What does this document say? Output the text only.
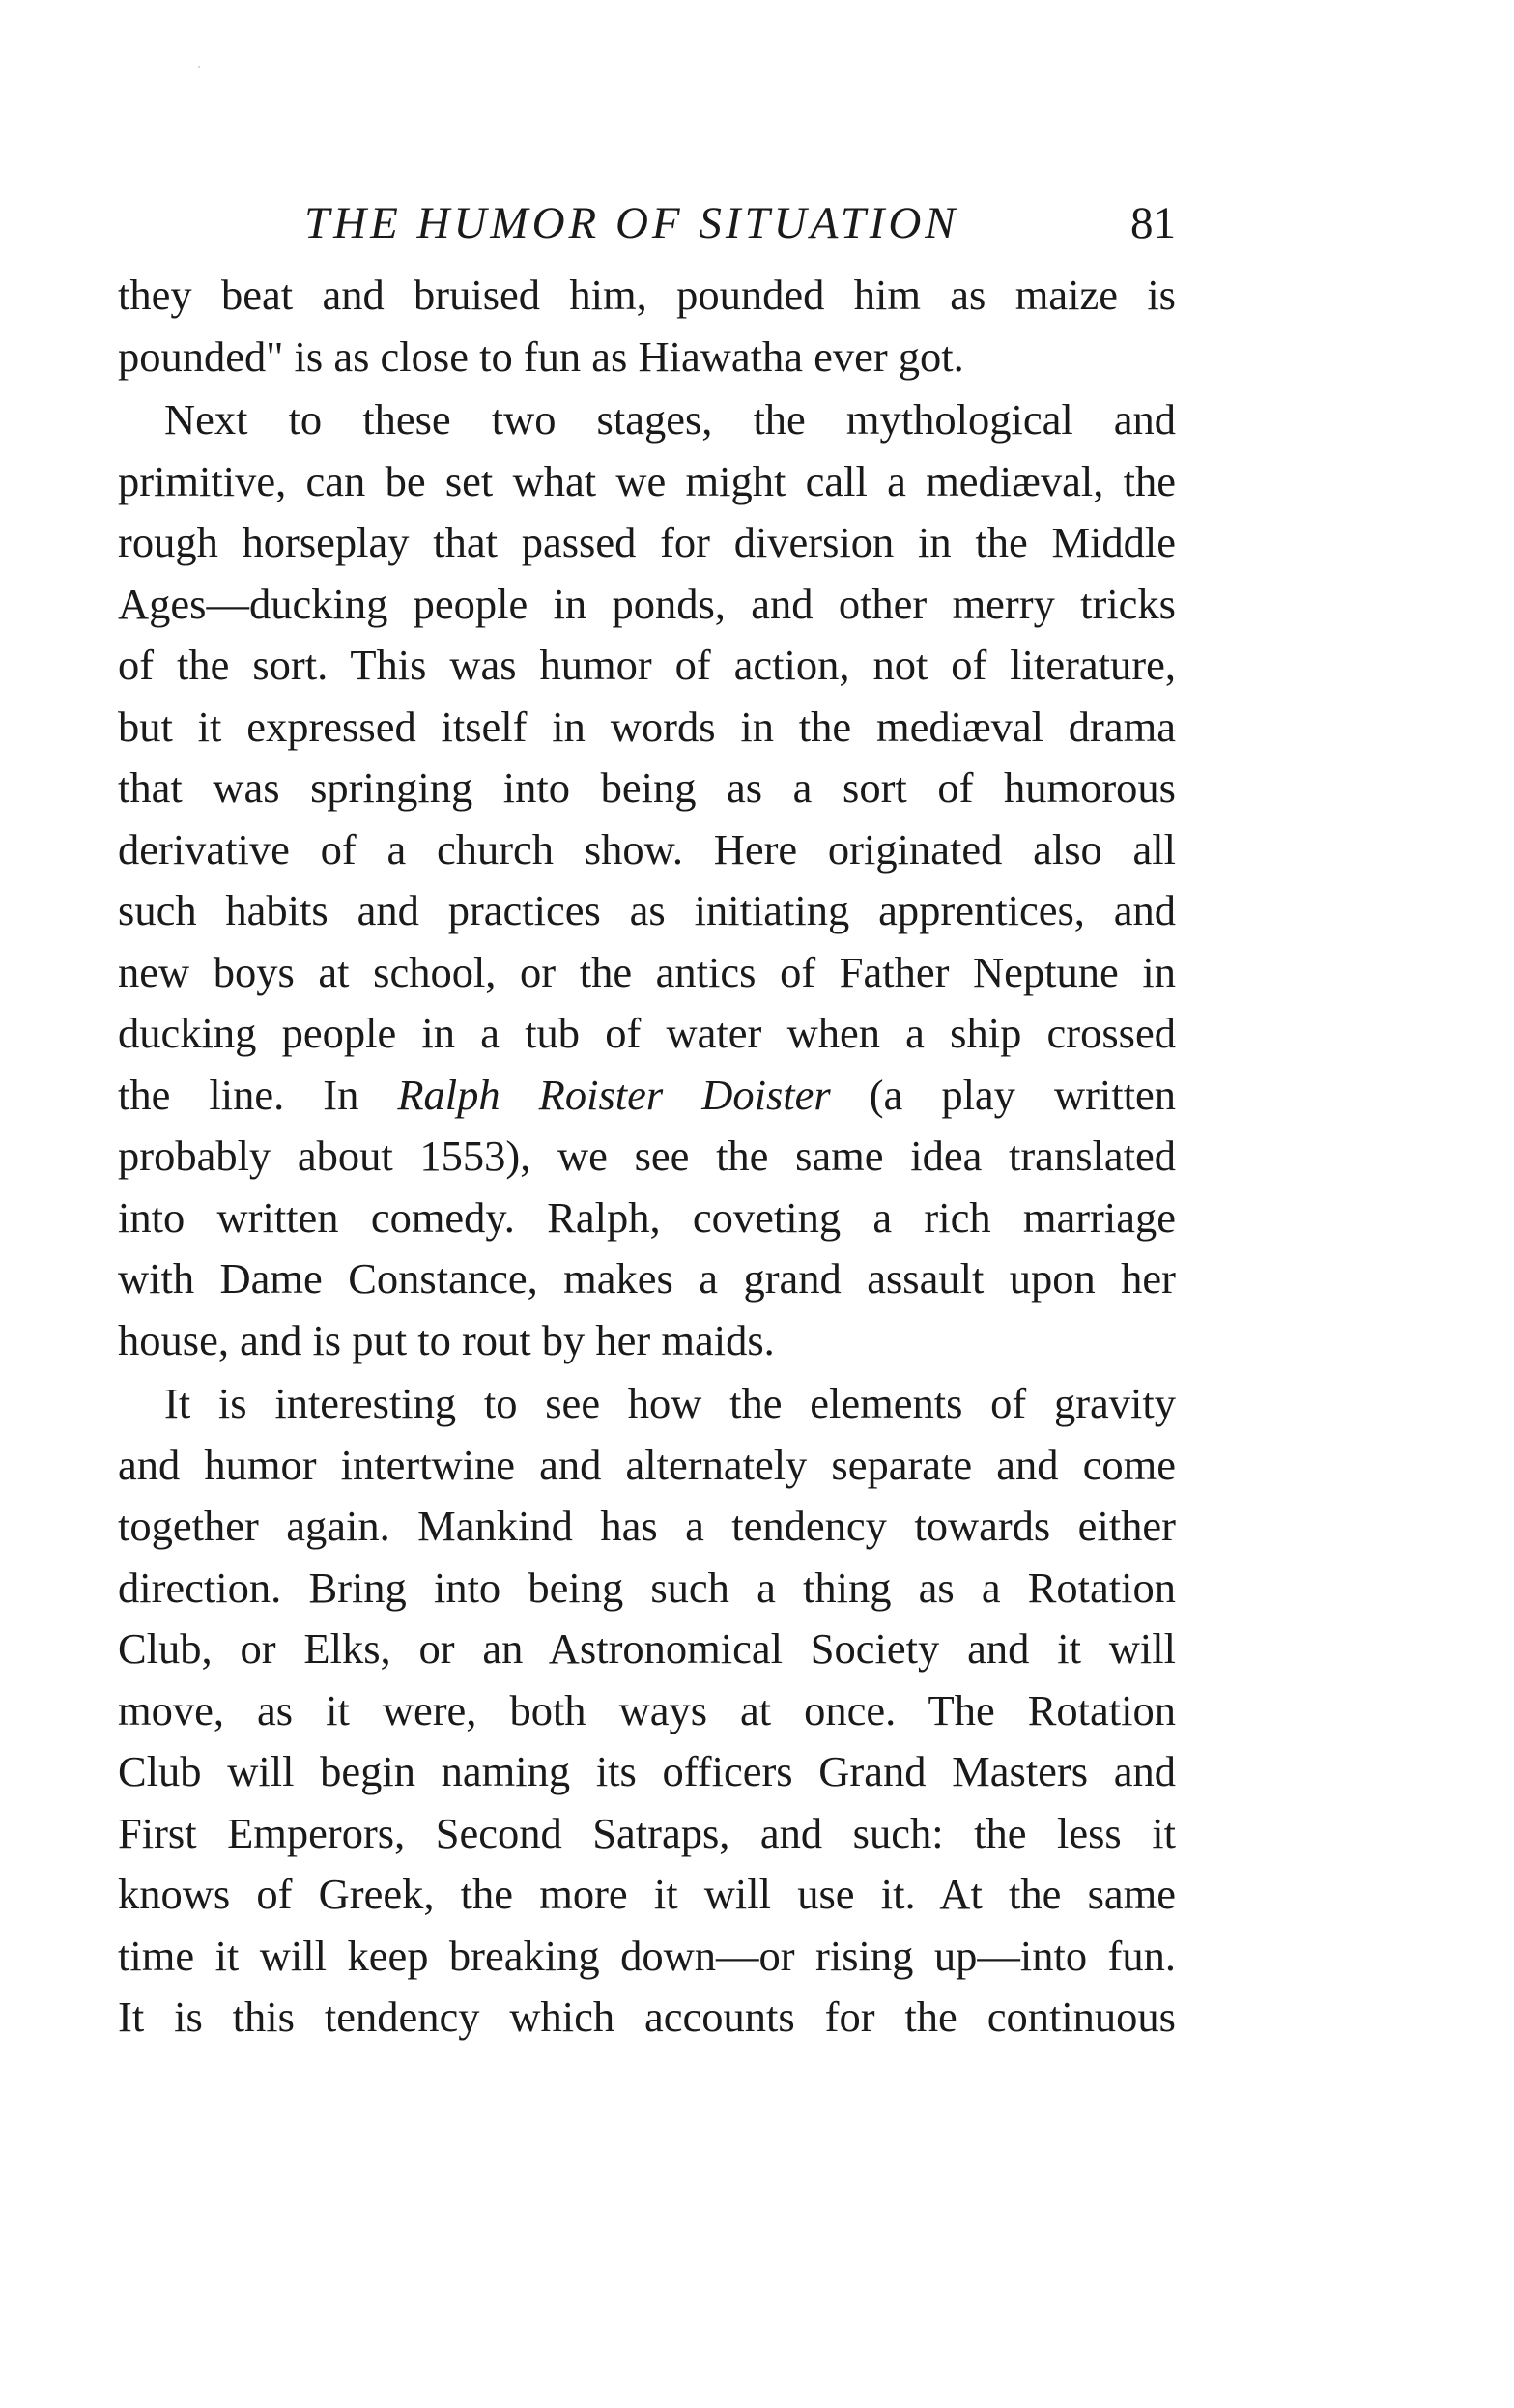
THE HUMOR OF SITUATION	81
they beat and bruised him, pounded him as maize is
pounded" is as close to fun as Hiawatha ever got.
Next to these two stages, the mythological and
primitive, can be set what we might call a mediæval, the
rough horseplay that passed for diversion in the Middle
Ages—ducking people in ponds, and other merry tricks
of the sort. This was humor of action, not of literature,
but it expressed itself in words in the mediæval drama
that was springing into being as a sort of humorous
derivative of a church show. Here originated also all
such habits and practices as initiating apprentices, and
new boys at school, or the antics of Father Neptune in
ducking people in a tub of water when a ship crossed
the line. In Ralph Roister Doister (a play written
probably about 1553), we see the same idea translated
into written comedy. Ralph, coveting a rich marriage
with Dame Constance, makes a grand assault upon her
house, and is put to rout by her maids.
It is interesting to see how the elements of gravity
and humor intertwine and alternately separate and come
together again. Mankind has a tendency towards either
direction. Bring into being such a thing as a Rotation
Club, or Elks, or an Astronomical Society and it will
move, as it were, both ways at once. The Rotation
Club will begin naming its officers Grand Masters and
First Emperors, Second Satraps, and such: the less it
knows of Greek, the more it will use it. At the same
time it will keep breaking down—or rising up—into fun.
It is this tendency which accounts for the continuous
